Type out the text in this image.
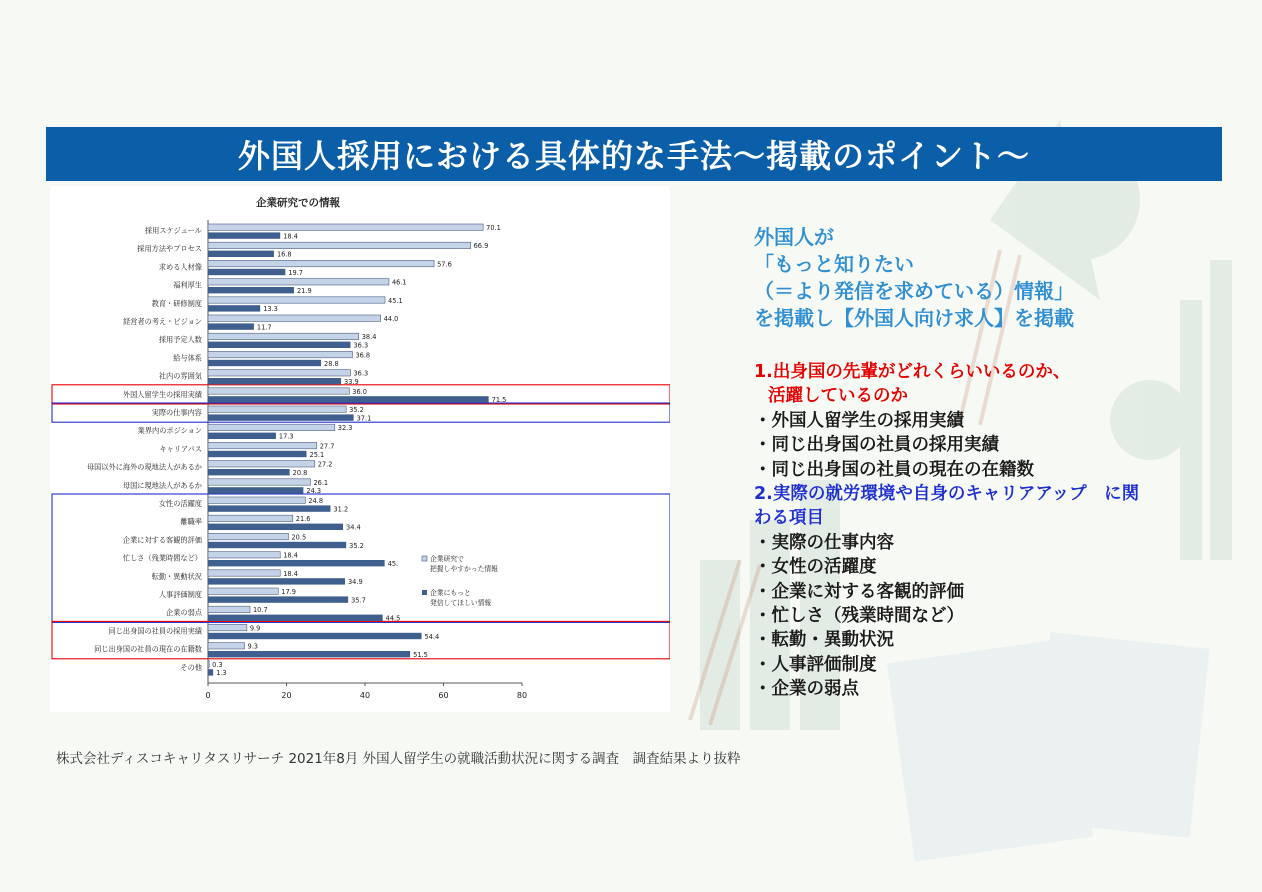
外国人採用における具体的な手法～掲載のポイント～
企業研究での情報
0	20	40	60	80
採用スケジュール	70.1
18.4
採用方法やプロセス	66.9
16.8
求める人材像	57.6
19.7
福利厚生	46.1
21.9
教育・研修制度	45.1
13.3
経営者の考え・ビジョン	44.0
11.7
採用予定人数	38.4
36.3
給与体系	36.8
28.8
社内の雰囲気	36.3
33.9
外国人留学生の採用実績	36.0
71.5
実際の仕事内容	35.2
37.1
業界内のポジション	32.3
17.3
キャリアパス	27.7
25.1
母国以外に海外の現地法人があるか	27.2
20.8
母国に現地法人があるか	26.1
24.3
女性の活躍度	24.8
31.2
離職率	21.6
34.4
企業に対する客観的評価	20.5
35.2
忙しさ（残業時間など）	18.4
45.
転勤・異動状況	18.4
34.9
人事評価制度	17.9
35.7
企業の弱点	10.7
44.5
同じ出身国の社員の採用実績	9.9
54.4
同じ出身国の社員の現在の在籍数	9.3
51.5
その他 0.3
1.3
企業研究で把握しやすかった情報
企業にもっと発信してほしい情報
外国人が
「もっと知りたい
（＝より発信を求めている）情報」
を掲載し【外国人向け求人】を掲載
1.出身国の先輩がどれくらいいるのか、
活躍しているのか
・外国人留学生の採用実績
・同じ出身国の社員の採用実績
・同じ出身国の社員の現在の在籍数
2.実際の就労環境や自身のキャリアアップ　に関
わる項目
・実際の仕事内容
・女性の活躍度
・企業に対する客観的評価
・忙しさ（残業時間など）
・転勤・異動状況
・人事評価制度
・企業の弱点
株式会社ディスコキャリタスリサーチ 2021年8月 外国人留学生の就職活動状況に関する調査　調査結果より抜粋
